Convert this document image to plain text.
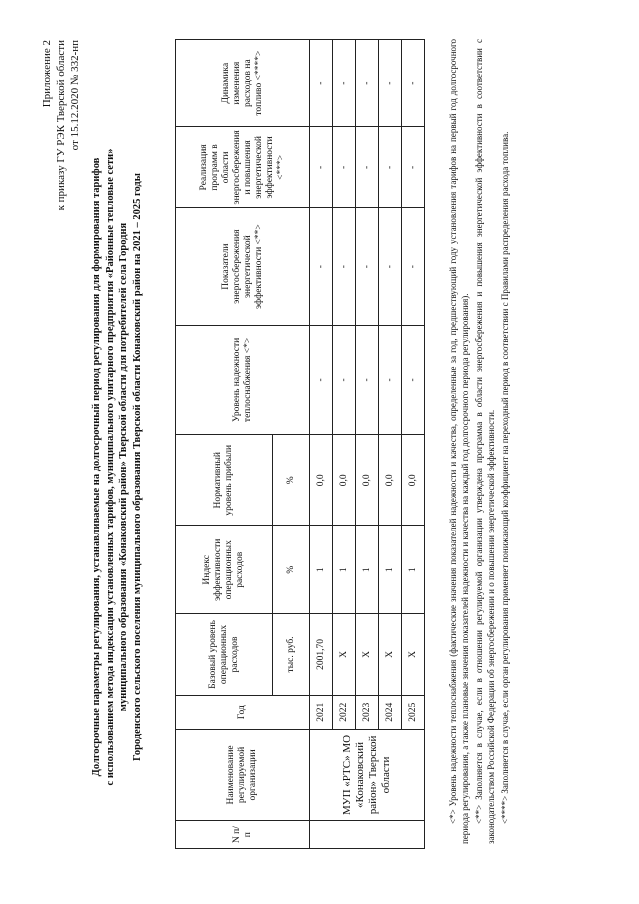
Приложение 2 к приказу ГУ РЭК Тверской области от 15.12.2020 № 332-нп
Долгосрочные параметры регулирования, устанавливаемые на долгосрочный период регулирования для формирования тарифов с использованием метода индексации установленных тарифов, муниципального унитарного предприятия «Районные тепловые сети» муниципального образования «Конаковский район» Тверской области для потребителей села Городня Городенского сельского поселения муниципального образования Тверской области Конаковский район на 2021 – 2025 годы
N п/п	Наименование регулируемой организации	Год	Базовый уровень операционных расходов	Индекс эффективности операционных расходов	Нормативный уровень прибыли	Уровень надежности теплоснабжения <*>	Показатели энергосбережения энергетической эффективности <**>	Реализация программ в области энергосбережения и повышения энергетической эффективности <***>	Динамика изменения расходов на топливо <****>
			тыс. руб.	%	%				
	МУП «РТС» МО «Конаковский район» Тверской области	2021	2001,70	1	0,0	-	-	-	-
		2022	Х	1	0,0	-	-	-	-
		2023	Х	1	0,0	-	-	-	-
		2024	Х	1	0,0	-	-	-	-
		2025	Х	1	0,0	-	-	-	-	<*> Уровень надежности теплоснабжения (фактические значения показателей надежности и качества, определенные за год, предшествующий году установления тарифов на первый год долгосрочного периода регулирования, а также плановые значения показателей надежности и качества на каждый год долгосрочного периода регулирования). <**> Заполняется в случае, если в отношении регулируемой организации утверждена программа в области энергосбережения и повышения энергетической эффективности в соответствии с законодательством Российской Федерации об энергосбережении и о повышении энергетической эффективности. <****> Заполняется в случае, если орган регулирования применяет понижающий коэффициент на переходный период в соответствии с Правилами распределения расхода топлива.
